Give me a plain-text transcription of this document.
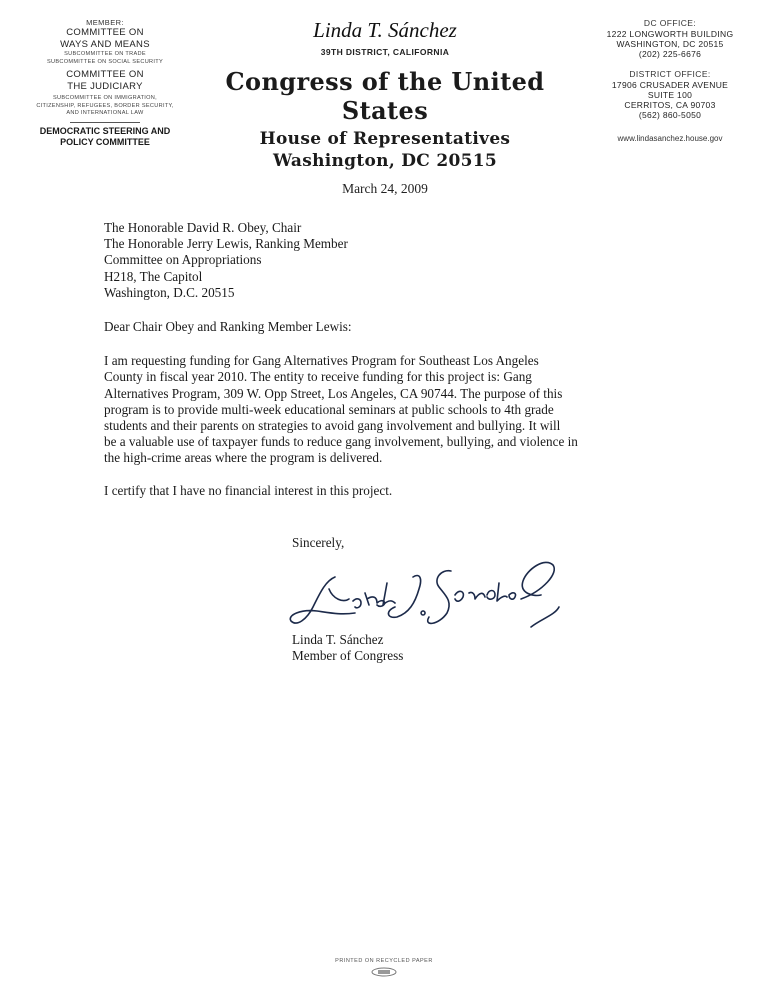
MEMBER:
COMMITTEE ON
WAYS AND MEANS
SUBCOMMITTEE ON TRADE
SUBCOMMITTEE ON SOCIAL SECURITY
COMMITTEE ON
THE JUDICIARY
SUBCOMMITTEE ON IMMIGRATION,
CITIZENSHIP, REFUGEES, BORDER SECURITY,
AND INTERNATIONAL LAW
DEMOCRATIC STEERING AND
POLICY COMMITTEE
Linda T. Sánchez
39TH DISTRICT, CALIFORNIA
Congress of the United States
House of Representatives
Washington, DC 20515
March 24, 2009
DC OFFICE:
1222 LONGWORTH BUILDING
WASHINGTON, DC 20515
(202) 225-6676
DISTRICT OFFICE:
17906 CRUSADER AVENUE
SUITE 100
CERRITOS, CA 90703
(562) 860-5050
www.lindasanchez.house.gov

The Honorable David R. Obey, Chair
The Honorable Jerry Lewis, Ranking Member
Committee on Appropriations
H218, The Capitol
Washington, D.C. 20515

Dear Chair Obey and Ranking Member Lewis:

I am requesting funding for Gang Alternatives Program for Southeast Los Angeles
County in fiscal year 2010. The entity to receive funding for this project is: Gang
Alternatives Program, 309 W. Opp Street, Los Angeles, CA 90744. The purpose of this
program is to provide multi-week educational seminars at public schools to 4th grade
students and their parents on strategies to avoid gang involvement and bullying. It will
be a valuable use of taxpayer funds to reduce gang involvement, bullying, and violence in
the high-crime areas where the program is delivered.

I certify that I have no financial interest in this project.

Sincerely,
Linda T. Sánchez
Member of Congress
PRINTED ON RECYCLED PAPER
